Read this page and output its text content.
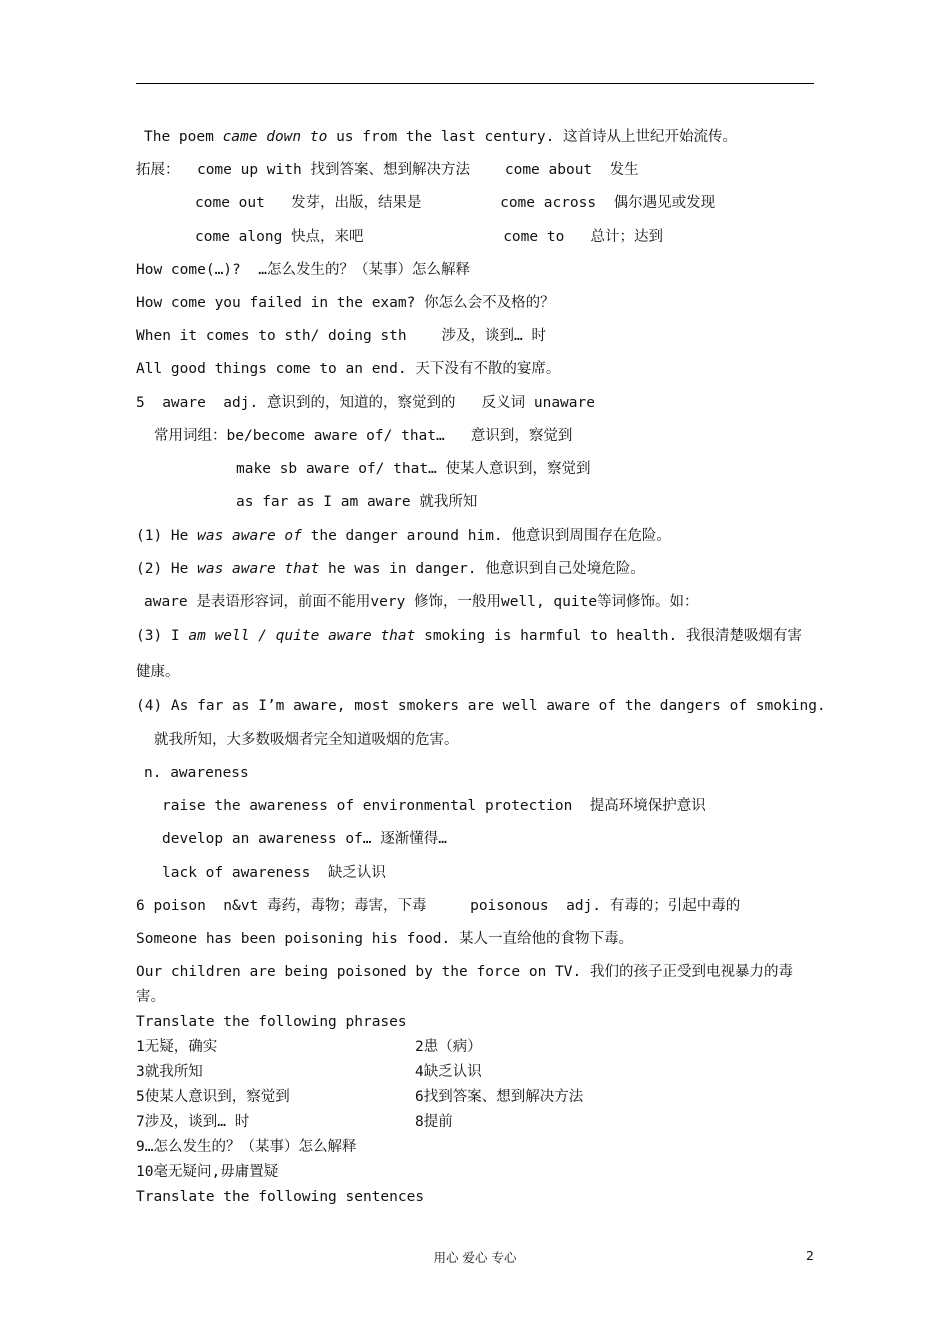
The poem came down to us from the last century. 这首诗从上世纪开始流传。
拓展：  come up with 找到答案、想到解决方法    come about  发生
come out   发芽，出版，结果是         come across  偶尔遇见或发现
come along 快点，来吧                come to   总计；达到
How come(…)?  …怎么发生的？（某事）怎么解释
How come you failed in the exam? 你怎么会不及格的？
When it comes to sth/ doing sth    涉及，谈到… 时
All good things come to an end. 天下没有不散的宴席。
5  aware  adj. 意识到的，知道的，察觉到的   反义词 unaware
常用词组：be/become aware of/ that…   意识到，察觉到
make sb aware of/ that… 使某人意识到，察觉到
as far as I am aware 就我所知
(1) He was aware of the danger around him. 他意识到周围存在危险。
(2) He was aware that he was in danger. 他意识到自己处境危险。
aware 是表语形容词，前面不能用very 修饰，一般用well, quite等词修饰。如：
(3) I am well / quite aware that smoking is harmful to health. 我很清楚吸烟有害
健康。
(4) As far as I’m aware, most smokers are well aware of the dangers of smoking.
就我所知，大多数吸烟者完全知道吸烟的危害。
n. awareness
raise the awareness of environmental protection  提高环境保护意识
develop an awareness of… 逐渐懂得…
lack of awareness  缺乏认识
6 poison  n&vt 毒药，毒物；毒害，下毒     poisonous  adj. 有毒的；引起中毒的
Someone has been poisoning his food. 某人一直给他的食物下毒。
Our children are being poisoned by the force on TV. 我们的孩子正受到电视暴力的毒
害。
Translate the following phrases
1无疑，确实	2患（病）
3就我所知	4缺乏认识
5使某人意识到，察觉到	6找到答案、想到解决方法
7涉及，谈到… 时	8提前
9…怎么发生的？（某事）怎么解释
10毫无疑问,毋庸置疑
Translate the following sentences
用心 爱心 专心	2
